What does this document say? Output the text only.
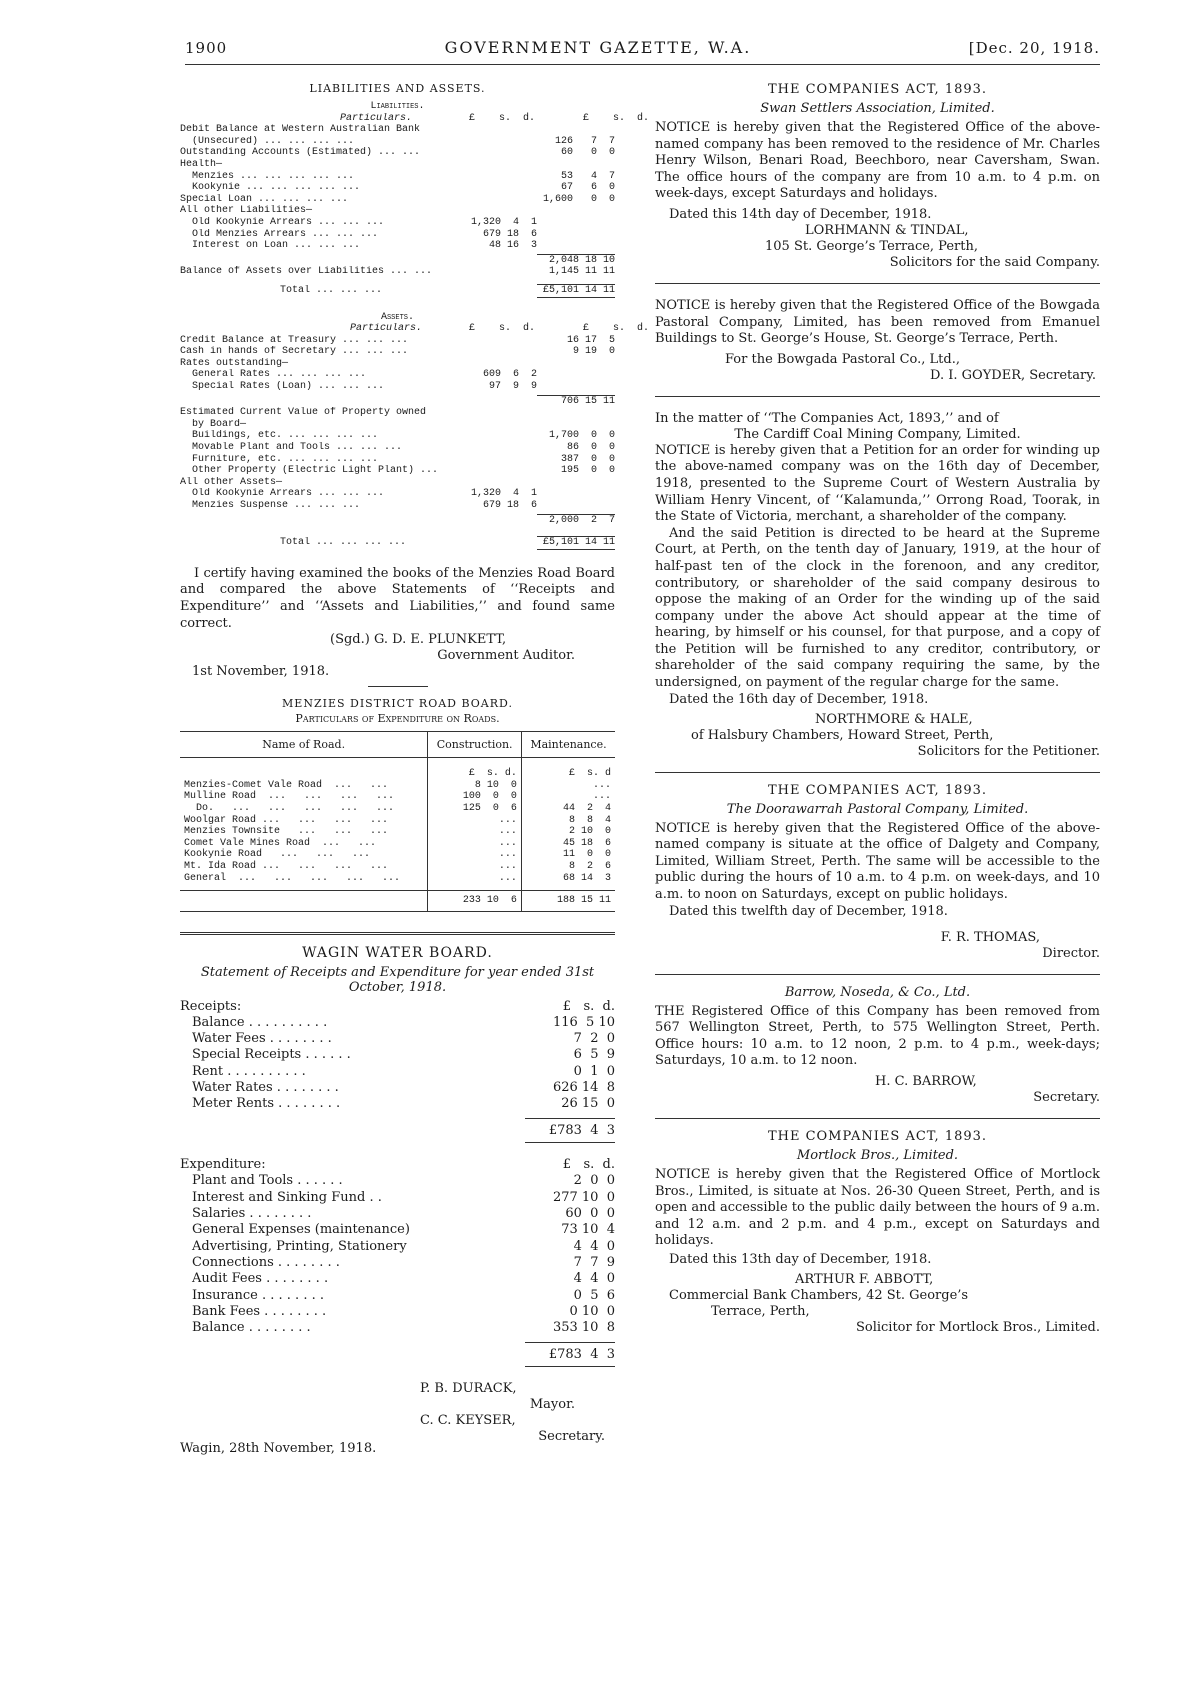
1900	GOVERNMENT GAZETTE, W.A.	[Dec. 20, 1918.
LIABILITIES AND ASSETS.
Liabilities.
Particulars.	£    s.  d.        £    s.  d.
Debit Balance at Western Australian Bank
(Unsecured) ... ... ... ...	126   7  7
Outstanding Accounts (Estimated) ... ...	60   0  0
Health—
Menzies ... ... ... ... ...	53   4  7
Kookynie ... ... ... ... ...	67   6  0
Special Loan ... ... ... ...	1,600   0  0
All other Liabilities—
Old Kookynie Arrears ... ... ...	1,320  4  1
Old Menzies Arrears ... ... ...	679 18  6
Interest on Loan ... ... ...	48 16  3
2,048 18 10
Balance of Assets over Liabilities ... ...	1,145 11 11
Total ... ... ...	£5,101 14 11
Assets.
Particulars.	£    s.  d.        £    s.  d.
Credit Balance at Treasury ... ... ...	16 17  5
Cash in hands of Secretary ... ... ...	9 19  0
Rates outstanding—
General Rates ... ... ... ...	609  6  2
Special Rates (Loan) ... ... ...	97  9  9
706 15 11
Estimated Current Value of Property owned
by Board—
Buildings, etc. ... ... ... ...	1,700  0  0
Movable Plant and Tools ... ... ...	86  0  0
Furniture, etc. ... ... ... ...	387  0  0
Other Property (Electric Light Plant) ...	195  0  0
All other Assets—
Old Kookynie Arrears ... ... ...	1,320  4  1
Menzies Suspense ... ... ...	679 18  6
2,000  2  7
Total ... ... ... ...	£5,101 14 11

I certify having examined the books of the Menzies Road Board and compared the above Statements of ‘‘Receipts and Expenditure’’ and ‘‘Assets and Liabilities,’’ and found same correct.

(Sgd.) G. D. E. PLUNKETT,
Government Auditor.
1st November, 1918.
MENZIES DISTRICT ROAD BOARD.
Particulars of Expenditure on Roads.
Name of Road.	Construction.	Maintenance.
	£  s. d.	£  s. d
Menzies-Comet Vale Road  ...   ...	8 10  0	...
Mulline Road  ...   ...   ...   ...	100  0  0	...
Do.   ...   ...   ...   ...   ...	125  0  6	44  2  4
Woolgar Road ...   ...   ...   ...	...	8  8  4
Menzies Townsite   ...   ...   ...	...	2 10  0
Comet Vale Mines Road  ...   ...	...	45 18  6
Kookynie Road   ...   ...   ...	...	11  0  0
Mt. Ida Road ...   ...   ...   ...	...	8  2  6
General  ...   ...   ...   ...   ...	...	68 14  3

	233 10  6	188 15 11
WAGIN WATER BOARD.
Statement of Receipts and Expenditure for year ended 31st October, 1918.
Receipts:	£   s.  d.
Balance . . . . . . . . . .	116  5 10
Water Fees . . . . . . . .	7  2  0
Special Receipts . . . . . .	6  5  9
Rent . . . . . . . . . .	0  1  0
Water Rates . . . . . . . .	626 14  8
Meter Rents . . . . . . . .	26 15  0
£783  4  3
Expenditure:	£   s.  d.
Plant and Tools . . . . . .	2  0  0
Interest and Sinking Fund . .	277 10  0
Salaries . . . . . . . .	60  0  0
General Expenses (maintenance)	73 10  4
Advertising, Printing, Stationery	4  4  0
Connections . . . . . . . .	7  7  9
Audit Fees . . . . . . . .	4  4  0
Insurance . . . . . . . .	0  5  6
Bank Fees . . . . . . . .	0 10  0
Balance . . . . . . . .	353 10  8
£783  4  3
P. B. DURACK,
Mayor.
C. C. KEYSER,
Secretary.
Wagin, 28th November, 1918.
THE COMPANIES ACT, 1893.
Swan Settlers Association, Limited.

NOTICE is hereby given that the Registered Office of the above-named company has been removed to the residence of Mr. Charles Henry Wilson, Benari Road, Beechboro, near Caversham, Swan. The office hours of the company are from 10 a.m. to 4 p.m. on week-days, except Saturdays and holidays.

Dated this 14th day of December, 1918.
LORHMANN & TINDAL,
105 St. George’s Terrace, Perth,
Solicitors for the said Company.

NOTICE is hereby given that the Registered Office of the Bowgada Pastoral Company, Limited, has been removed from Emanuel Buildings to St. George’s House, St. George’s Terrace, Perth.

For the Bowgada Pastoral Co., Ltd.,
D. I. GOYDER, Secretary.
In the matter of ‘‘The Companies Act, 1893,’’ and of
The Cardiff Coal Mining Company, Limited.

NOTICE is hereby given that a Petition for an order for winding up the above-named company was on the 16th day of December, 1918, presented to the Supreme Court of Western Australia by William Henry Vincent, of ‘‘Kalamunda,’’ Orrong Road, Toorak, in the State of Victoria, merchant, a shareholder of the company.

And the said Petition is directed to be heard at the Supreme Court, at Perth, on the tenth day of January, 1919, at the hour of half-past ten of the clock in the forenoon, and any creditor, contributory, or shareholder of the said company desirous to oppose the making of an Order for the winding up of the said company under the above Act should appear at the time of hearing, by himself or his counsel, for that purpose, and a copy of the Petition will be furnished to any creditor, contributory, or shareholder of the said company requiring the same, by the undersigned, on payment of the regular charge for the same.

Dated the 16th day of December, 1918.
NORTHMORE & HALE,
of Halsbury Chambers, Howard Street, Perth,
Solicitors for the Petitioner.
THE COMPANIES ACT, 1893.
The Doorawarrah Pastoral Company, Limited.

NOTICE is hereby given that the Registered Office of the above-named company is situate at the office of Dalgety and Company, Limited, William Street, Perth. The same will be accessible to the public during the hours of 10 a.m. to 4 p.m. on week-days, and 10 a.m. to noon on Saturdays, except on public holidays.

Dated this twelfth day of December, 1918.
F. R. THOMAS,
Director.
Barrow, Noseda, & Co., Ltd.

THE Registered Office of this Company has been removed from 567 Wellington Street, Perth, to 575 Wellington Street, Perth. Office hours: 10 a.m. to 12 noon, 2 p.m. to 4 p.m., week-days; Saturdays, 10 a.m. to 12 noon.

H. C. BARROW,
Secretary.
THE COMPANIES ACT, 1893.
Mortlock Bros., Limited.

NOTICE is hereby given that the Registered Office of Mortlock Bros., Limited, is situate at Nos. 26-30 Queen Street, Perth, and is open and accessible to the public daily between the hours of 9 a.m. and 12 a.m. and 2 p.m. and 4 p.m., except on Saturdays and holidays.

Dated this 13th day of December, 1918.
ARTHUR F. ABBOTT,
Commercial Bank Chambers, 42 St. George’s
Terrace, Perth,
Solicitor for Mortlock Bros., Limited.
